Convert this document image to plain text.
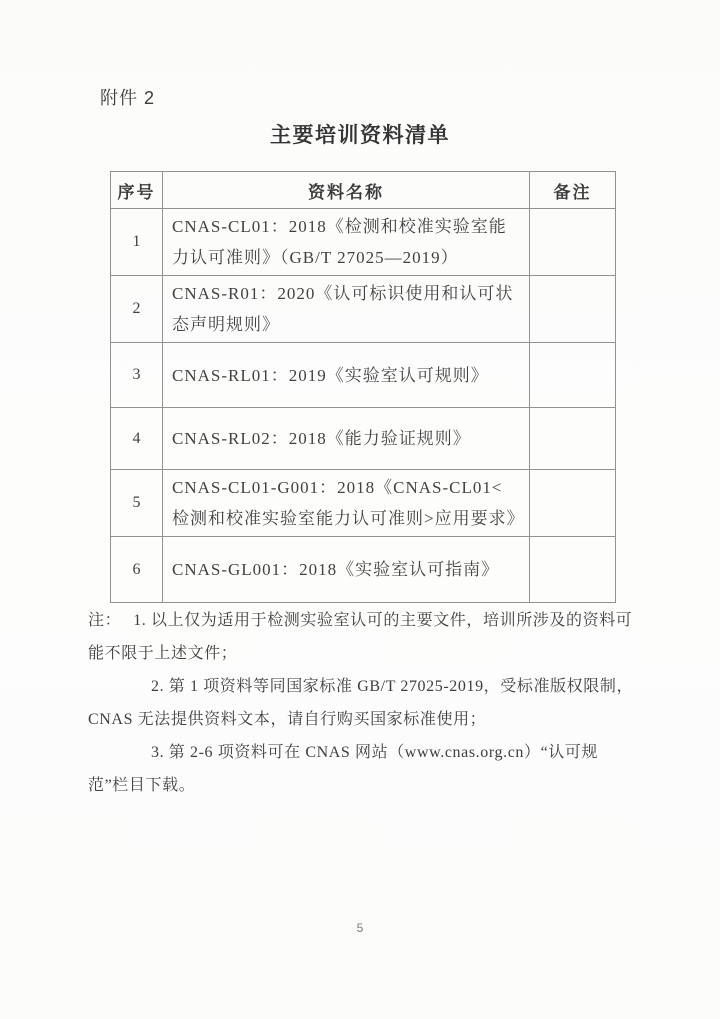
附件 2
主要培训资料清单
序号	资料名称	备注
1	CNAS-CL01：2018《检测和校准实验室能力认可准则》（GB/T 27025—2019）	
2	CNAS-R01：2020《认可标识使用和认可状态声明规则》	
3	CNAS-RL01：2019《实验室认可规则》	
4	CNAS-RL02：2018《能力验证规则》	
5	CNAS-CL01-G001：2018《CNAS-CL01<检测和校准实验室能力认可准则>应用要求》	
6	CNAS-GL001：2018《实验室认可指南》	

注： 1. 以上仅为适用于检测实验室认可的主要文件，培训所涉及的资料可能不限于上述文件；

2. 第 1 项资料等同国家标准 GB/T 27025-2019，受标准版权限制，CNAS 无法提供资料文本，请自行购买国家标准使用；

3. 第 2-6 项资料可在 CNAS 网站（www.cnas.org.cn）“认可规范”栏目下载。

5
